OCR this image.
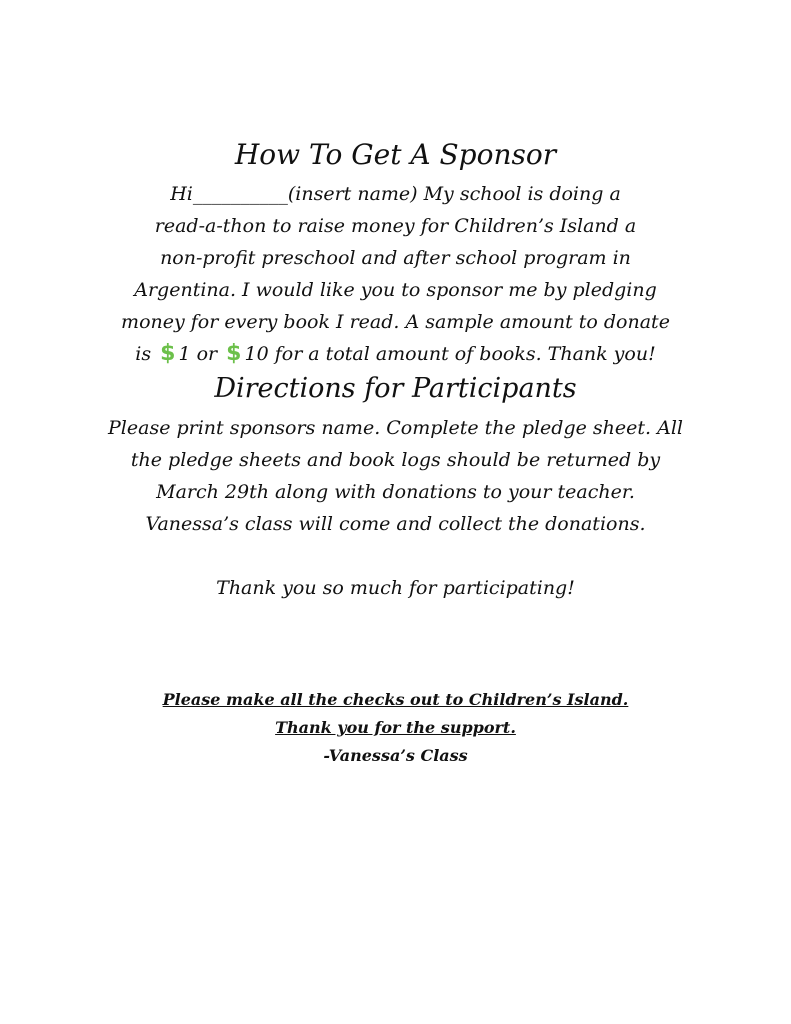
How To Get A Sponsor
Hi__________(insert name) My school is doing a
read-a-thon to raise money for Children’s Island a
non-profit preschool and after school program in
Argentina. I would like you to sponsor me by pledging
money for every book I read. A sample amount to donate
is $ 1 or $ 10 for a total amount of books. Thank you!
Directions for Participants
Please print sponsors name. Complete the pledge sheet. All
the pledge sheets and book logs should be returned by
March 29th along with donations to your teacher.
Vanessa’s class will come and collect the donations.
Thank you so much for participating!
Please make all the checks out to Children’s Island.
Thank you for the support.
-Vanessa’s Class
